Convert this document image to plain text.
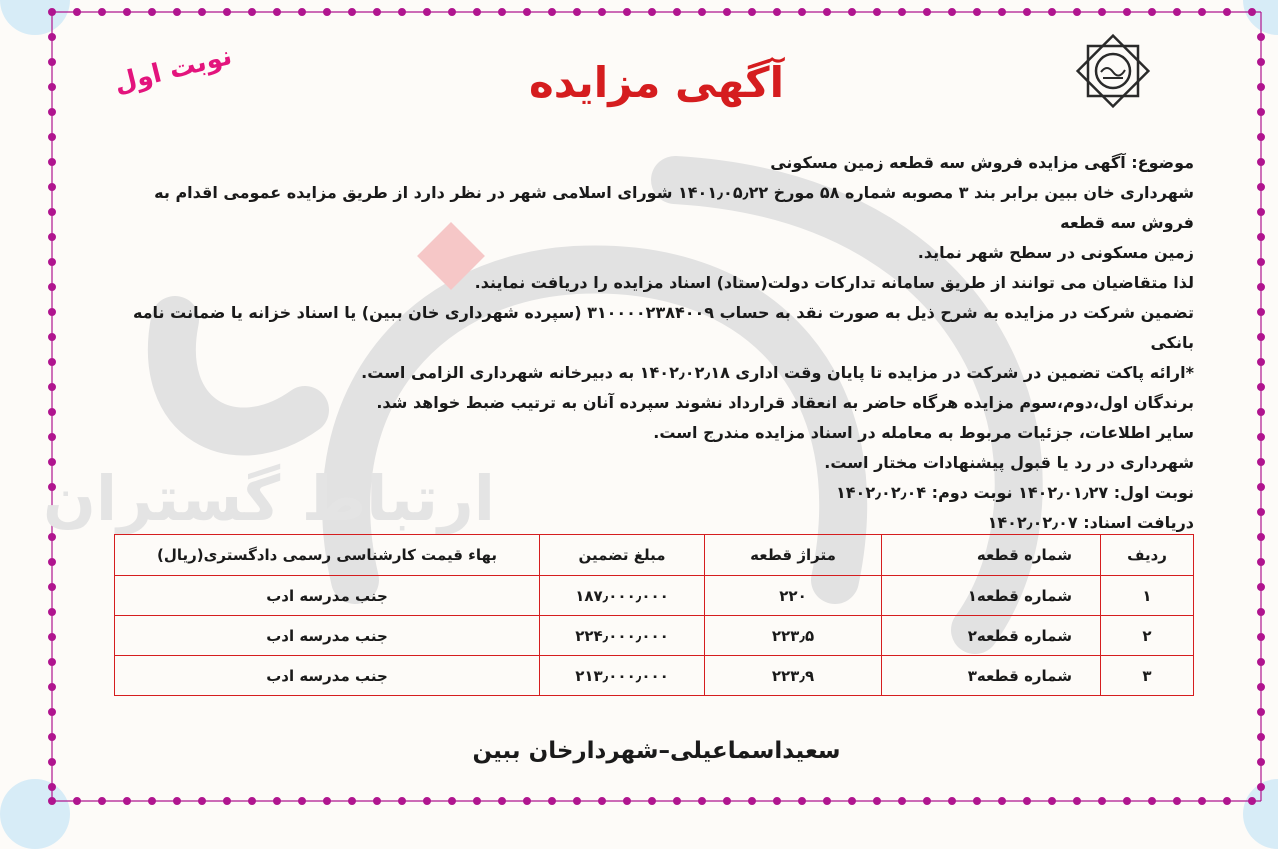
ارتباط گستران
آگهی مزایده

نوبت اول

موضوع: آگهی مزایده فروش سه قطعه زمین مسکونی

شهرداری خان ببین برابر بند ۳ مصوبه شماره ۵۸ مورخ ۱۴۰۱٫۰۵٫۲۲ شورای اسلامی شهر در نظر دارد از طریق مزایده عمومی اقدام به فروش سه قطعه

زمین مسکونی در سطح شهر نماید.

لذا متقاضیان می توانند از طریق سامانه تدارکات دولت(ستاد) اسناد مزایده را دریافت نمایند.

تضمین شرکت در مزایده به شرح ذیل به صورت نقد به حساب ۳۱۰۰۰۰۲۳۸۴۰۰۹ (سپرده شهرداری خان ببین) یا اسناد خزانه یا ضمانت نامه بانکی

*ارائه پاکت تضمین در شرکت در مزایده تا پایان وقت اداری ۱۴۰۲٫۰۲٫۱۸ به دبیرخانه شهرداری الزامی است.

برندگان اول،دوم،سوم مزایده هرگاه حاضر به انعقاد قرارداد نشوند سپرده آنان به ترتیب ضبط خواهد شد.

سایر اطلاعات، جزئیات مربوط به معامله در اسناد مزایده مندرج است.

شهرداری در رد یا قبول پیشنهادات مختار است.

نوبت اول: ۱۴۰۲٫۰۱٫۲۷ نوبت دوم: ۱۴۰۲٫۰۲٫۰۴

دریافت اسناد: ۱۴۰۲٫۰۲٫۰۷

ردیف	شماره قطعه	متراژ قطعه	مبلغ تضمین	بهاء قیمت کارشناسی رسمی دادگستری(ریال)
۱	شماره قطعه۱	۲۲۰	۱۸۷٫۰۰۰٫۰۰۰	جنب مدرسه ادب
۲	شماره قطعه۲	۲۲۳٫۵	۲۲۴٫۰۰۰٫۰۰۰	جنب مدرسه ادب
۳	شماره قطعه۳	۲۲۳٫۹	۲۱۳٫۰۰۰٫۰۰۰	جنب مدرسه ادب

سعیداسماعیلی–شهردارخان ببین
